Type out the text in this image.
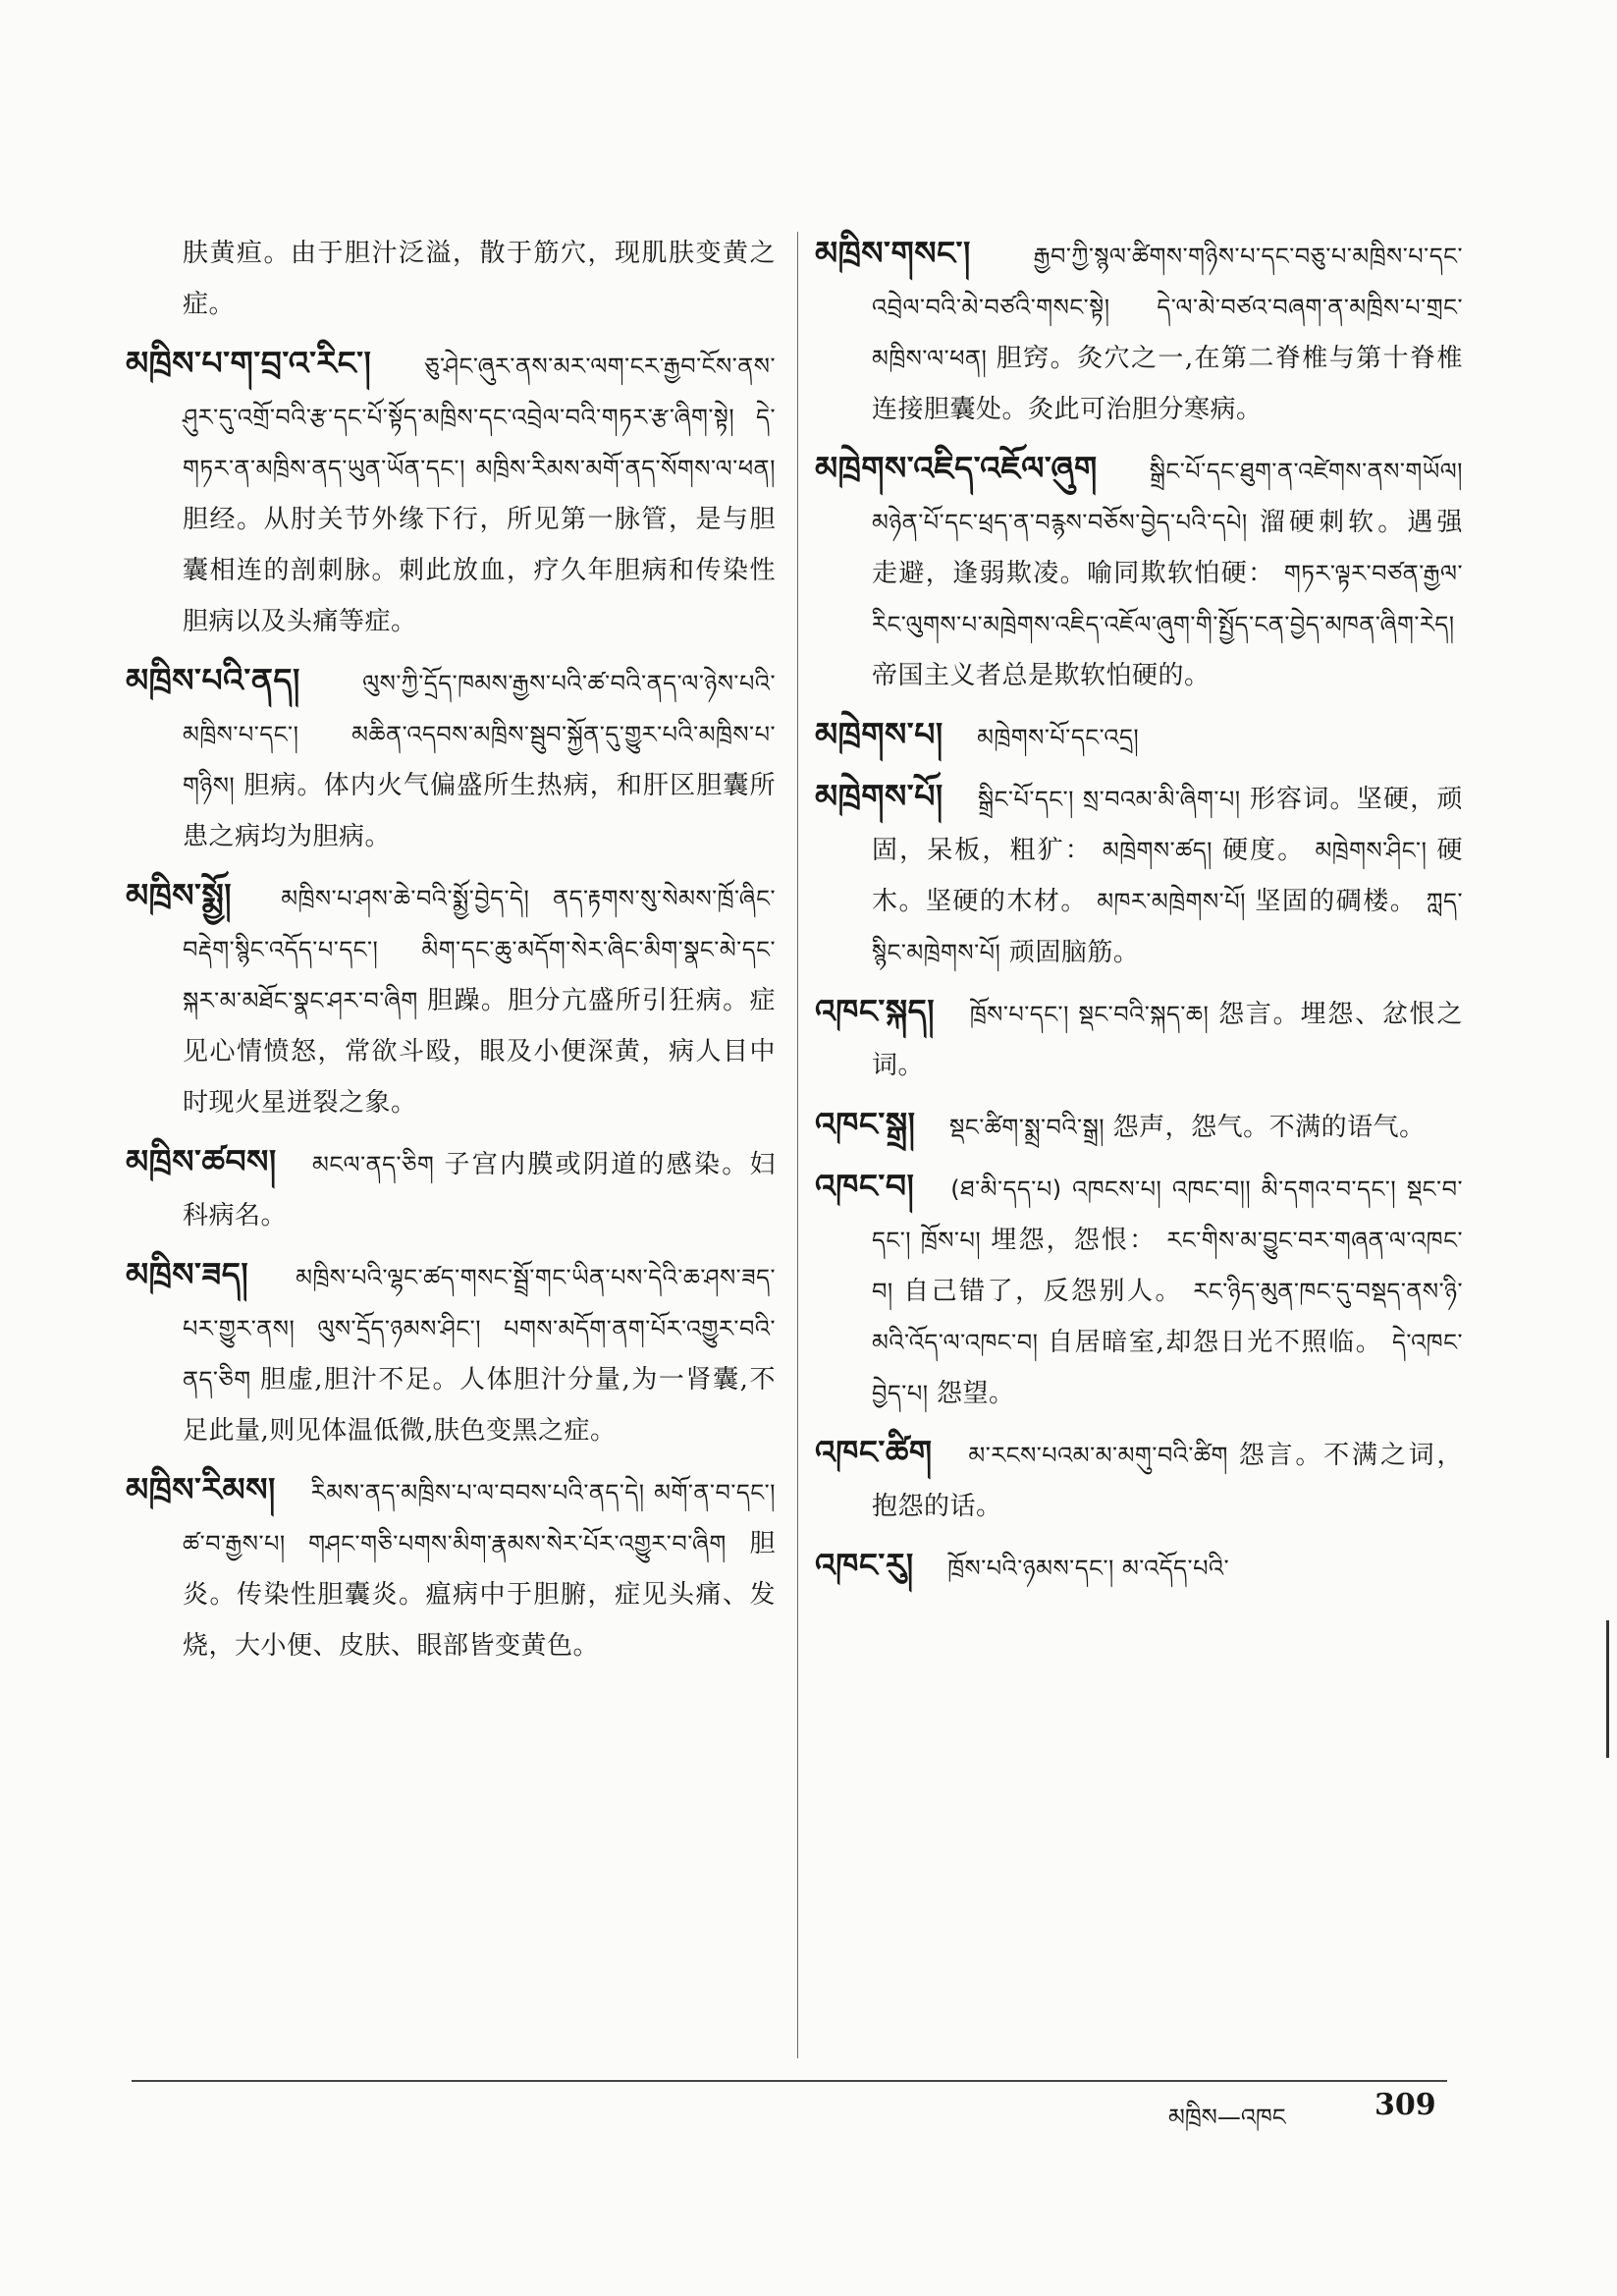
肤黄疸。由于胆汁泛溢，散于筋穴，现肌肤变黄之症。
མཁྲིས་པ་ག་བྲ་འ་རིང་། ཅུ་ཤེང་ཞུར་ནས་མར་ལག་ངར་རྒྱབ་ངོས་ནས་ཤུར་དུ་འགྲོ་བའི་རྩ་དང་པོ་སྟོད་མཁྲིས་དང་འབྲེལ་བའི་གཏར་རྩ་ཞིག་སྟེ། དེ་གཏར་ན་མཁྲིས་ནད་ཡུན་ཡོན་དང་། མཁྲིས་རིམས་མགོ་ནད་སོགས་ལ་ཕན། 胆经。从肘关节外缘下行，所见第一脉管，是与胆囊相连的剖刺脉。刺此放血，疗久年胆病和传染性胆病以及头痛等症。
མཁྲིས་པའི་ནད།	ལུས་ཀྱི་དྲོད་ཁམས་རྒྱས་པའི་ཚ་བའི་ནད་ལ་ཉེས་པའི་མཁྲིས་པ་དང་། མཆིན་འདབས་མཁྲིས་སྦུབ་སྐྱོན་དུ་གྱུར་པའི་མཁྲིས་པ་གཉིས། 胆病。体内火气偏盛所生热病，和肝区胆囊所患之病均为胆病。
མཁྲིས་སྨྱོ། མཁྲིས་པ་ཤས་ཆེ་བའི་སྨྱོ་བྱེད་དེ། ནད་རྟགས་སུ་སེམས་ཁྲོ་ཞིང་བརྡེག་སྙིང་འདོད་པ་དང་། མིག་དང་ཆུ་མདོག་སེར་ཞིང་མིག་སྣང་མེ་དང་སྐར་མ་མཐོང་སྣང་ཤར་བ་ཞིག 胆躁。胆分亢盛所引狂病。症见心情愤怒，常欲斗殴，眼及小便深黄，病人目中时现火星迸裂之象。
མཁྲིས་ཚབས། མངལ་ནད་ཅིག 子宫内膜或阴道的感染。妇科病名。
མཁྲིས་ཟད། མཁྲིས་པའི་ལྷང་ཚད་གསང་སྦྲོ་གང་ཡིན་པས་དེའི་ཆ་ཤས་ཟད་པར་གྱུར་ནས། ལུས་དྲོད་ཉམས་ཤིང་། པགས་མདོག་ནག་པོར་འགྱུར་བའི་ནད་ཅིག 胆虚,胆汁不足。人体胆汁分量,为一肾囊,不足此量,则见体温低微,肤色变黑之症。
མཁྲིས་རིམས། རིམས་ནད་མཁྲིས་པ་ལ་བབས་པའི་ནད་དེ། མགོ་ན་བ་དང་། ཚ་བ་རྒྱས་པ། གཤང་གཅི་པགས་མིག་རྣམས་སེར་པོར་འགྱུར་བ་ཞིག 胆炎。传染性胆囊炎。瘟病中于胆腑，症见头痛、发烧，大小便、皮肤、眼部皆变黄色。
མཁྲིས་གསང་།	རྒྱབ་ཀྱི་སྙལ་ཚིགས་གཉིས་པ་དང་བཅུ་པ་མཁྲིས་པ་དང་འབྲེལ་བའི་མེ་བཙའི་གསང་སྟེ། དེ་ལ་མེ་བཙའ་བཞག་ན་མཁྲིས་པ་གྲང་མཁྲིས་ལ་ཕན། 胆窍。灸穴之一,在第二脊椎与第十脊椎连接胆囊处。灸此可治胆分寒病。
མཁྲེགས་འཇིད་འཇོལ་ཞུག སྒྲིང་པོ་དང་ཐུག་ན་འཛེགས་ནས་གཡོལ། མཉེན་པོ་དང་ཕྲད་ན་བརྙས་བཅོས་བྱེད་པའི་དཔེ། 溜硬刺软。遇强走避，逢弱欺凌。喻同欺软怕硬： གཏར་ལྟར་བཙན་རྒྱལ་རིང་ལུགས་པ་མཁྲེགས་འཇིད་འཇོལ་ཞུག་གི་སྤྱོད་ངན་བྱེད་མཁན་ཞིག་རེད། 帝国主义者总是欺软怕硬的。
མཁྲེགས་པ། མཁྲེགས་པོ་དང་འདྲ།
མཁྲེགས་པོ། སྒྲིང་པོ་དང་། སྲ་བའམ་མི་ཞིག་པ། 形容词。坚硬，顽固，呆板，粗犷： མཁྲེགས་ཚད། 硬度。 མཁྲེགས་ཤིང་། 硬木。坚硬的木材。 མཁར་མཁྲེགས་པོ། 坚固的碉楼。 ཀླད་སྙིང་མཁྲེགས་པོ། 顽固脑筋。
འཁང་སྐད། ཁྲོས་པ་དང་། སྡང་བའི་སྐད་ཆ། 怨言。埋怨、忿恨之词。
འཁང་སྒྲ། སྡང་ཚིག་སྨྲ་བའི་སྒྲ། 怨声，怨气。不满的语气。
འཁང་བ། (ཐ་མི་དད་པ) འཁངས་པ། འཁང་བ།། མི་དགའ་བ་དང་། སྡང་བ་དང་། ཁྲོས་པ། 埋怨，怨恨： རང་གིས་མ་བྱུང་བར་གཞན་ལ་འཁང་བ། 自己错了，反怨别人。 རང་ཉིད་མུན་ཁང་དུ་བསྡད་ནས་ཉི་མའི་འོད་ལ་འཁང་བ། 自居暗室,却怨日光不照临。 དེ་འཁང་བྱེད་པ། 怨望。
འཁང་ཚིག མ་རངས་པའམ་མ་མགུ་བའི་ཚིག 怨言。不满之词，抱怨的话。
འཁང་རུ། ཁྲོས་པའི་ཉམས་དང་། མ་འདོད་པའི་
མཁྲིས—འཁང	309
